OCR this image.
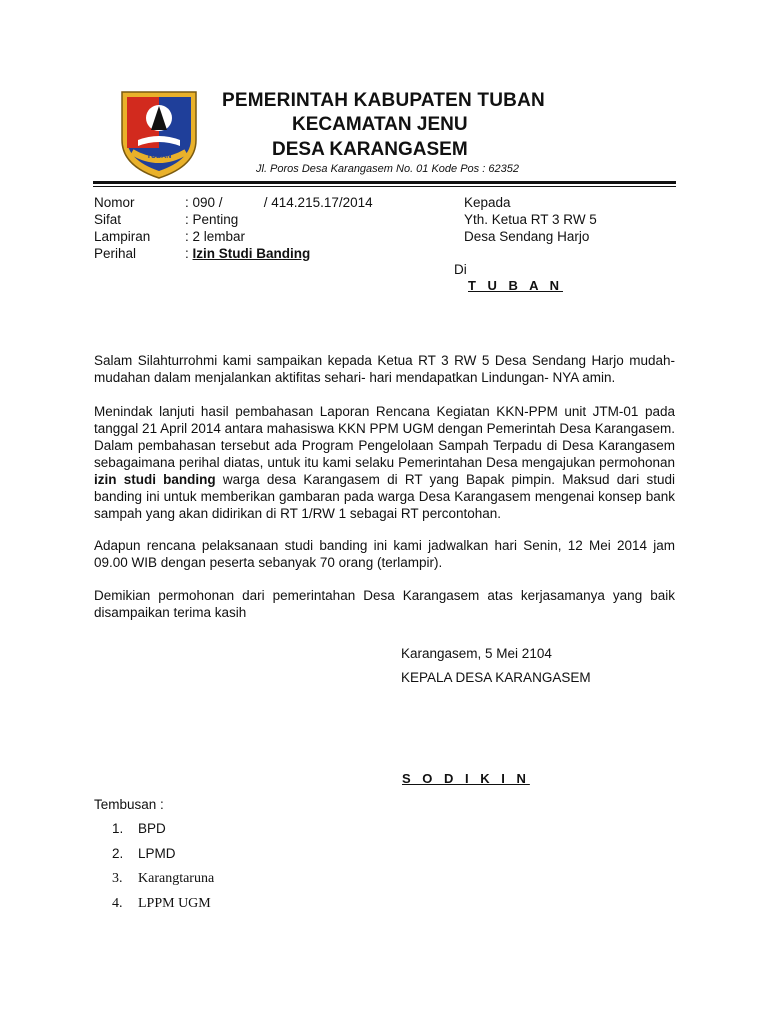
TUBAN
PEMERINTAH KABUPATEN TUBAN
KECAMATAN JENU
DESA KARANGASEM
Jl. Poros Desa Karangasem No. 01 Kode Pos : 62352
Nomor	: 090 /           / 414.215.17/2014
Sifat	: Penting
Lampiran	: 2 lembar
Perihal	: Izin Studi Banding
Kepada
Yth. Ketua RT 3 RW 5
Desa Sendang Harjo
Di
T U B A N
Salam Silahturrohmi kami sampaikan kepada Ketua RT 3 RW 5 Desa Sendang Harjo mudah- mudahan dalam menjalankan aktifitas sehari- hari mendapatkan Lindungan- NYA amin.
Menindak lanjuti hasil pembahasan Laporan Rencana Kegiatan KKN-PPM unit JTM-01 pada tanggal 21 April 2014 antara mahasiswa KKN PPM UGM dengan Pemerintah Desa Karangasem. Dalam pembahasan tersebut ada Program Pengelolaan Sampah Terpadu di Desa Karangasem sebagaimana perihal diatas, untuk itu kami selaku Pemerintahan Desa mengajukan permohonan izin studi banding warga desa Karangasem di RT yang Bapak pimpin. Maksud dari studi banding ini untuk memberikan gambaran pada warga Desa Karangasem mengenai konsep bank sampah yang akan didirikan di RT 1/RW 1 sebagai RT percontohan.
Adapun rencana pelaksanaan studi banding ini kami jadwalkan hari Senin, 12 Mei 2014 jam 09.00 WIB dengan peserta sebanyak 70 orang (terlampir).
Demikian permohonan dari pemerintahan Desa Karangasem atas kerjasamanya yang baik disampaikan terima kasih
Karangasem, 5 Mei 2104
KEPALA DESA KARANGASEM
S O D I K I N
Tembusan :
1. BPD
2. LPMD
3. Karangtaruna
4. LPPM UGM
